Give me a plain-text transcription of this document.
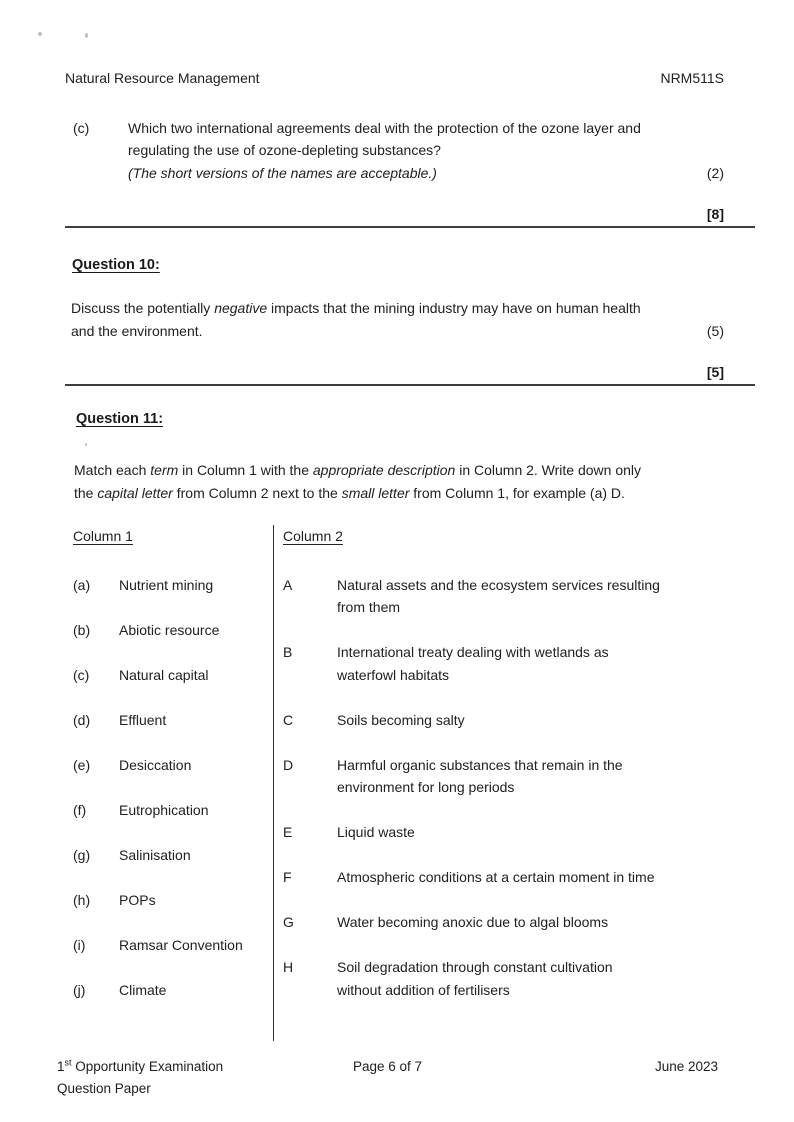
Natural Resource Management	NRM511S
(c)	Which two international agreements deal with the protection of the ozone layer and
regulating the use of ozone-depleting substances?
(The short versions of the names are acceptable.)	(2)
[8]
Question 10:
Discuss the potentially negative impacts that the mining industry may have on human health
and the environment.	(5)
[5]
Question 11:
Match each term in Column 1 with the appropriate description in Column 2. Write down only
the capital letter from Column 2 next to the small letter from Column 1, for example (a) D.
Column 1
(a)	Nutrient mining
(b)	Abiotic resource
(c)	Natural capital
(d)	Effluent
(e)	Desiccation
(f)	Eutrophication
(g)	Salinisation
(h)	POPs
(i)	Ramsar Convention
(j)	Climate
Column 2
A	Natural assets and the ecosystem services resulting
from them
B	International treaty dealing with wetlands as
waterfowl habitats
C	Soils becoming salty
D	Harmful organic substances that remain in the
environment for long periods
E	Liquid waste
F	Atmospheric conditions at a certain moment in time
G	Water becoming anoxic due to algal blooms
H	Soil degradation through constant cultivation
without addition of fertilisers
1st Opportunity Examination
Question Paper
Page 6 of 7	June 2023
